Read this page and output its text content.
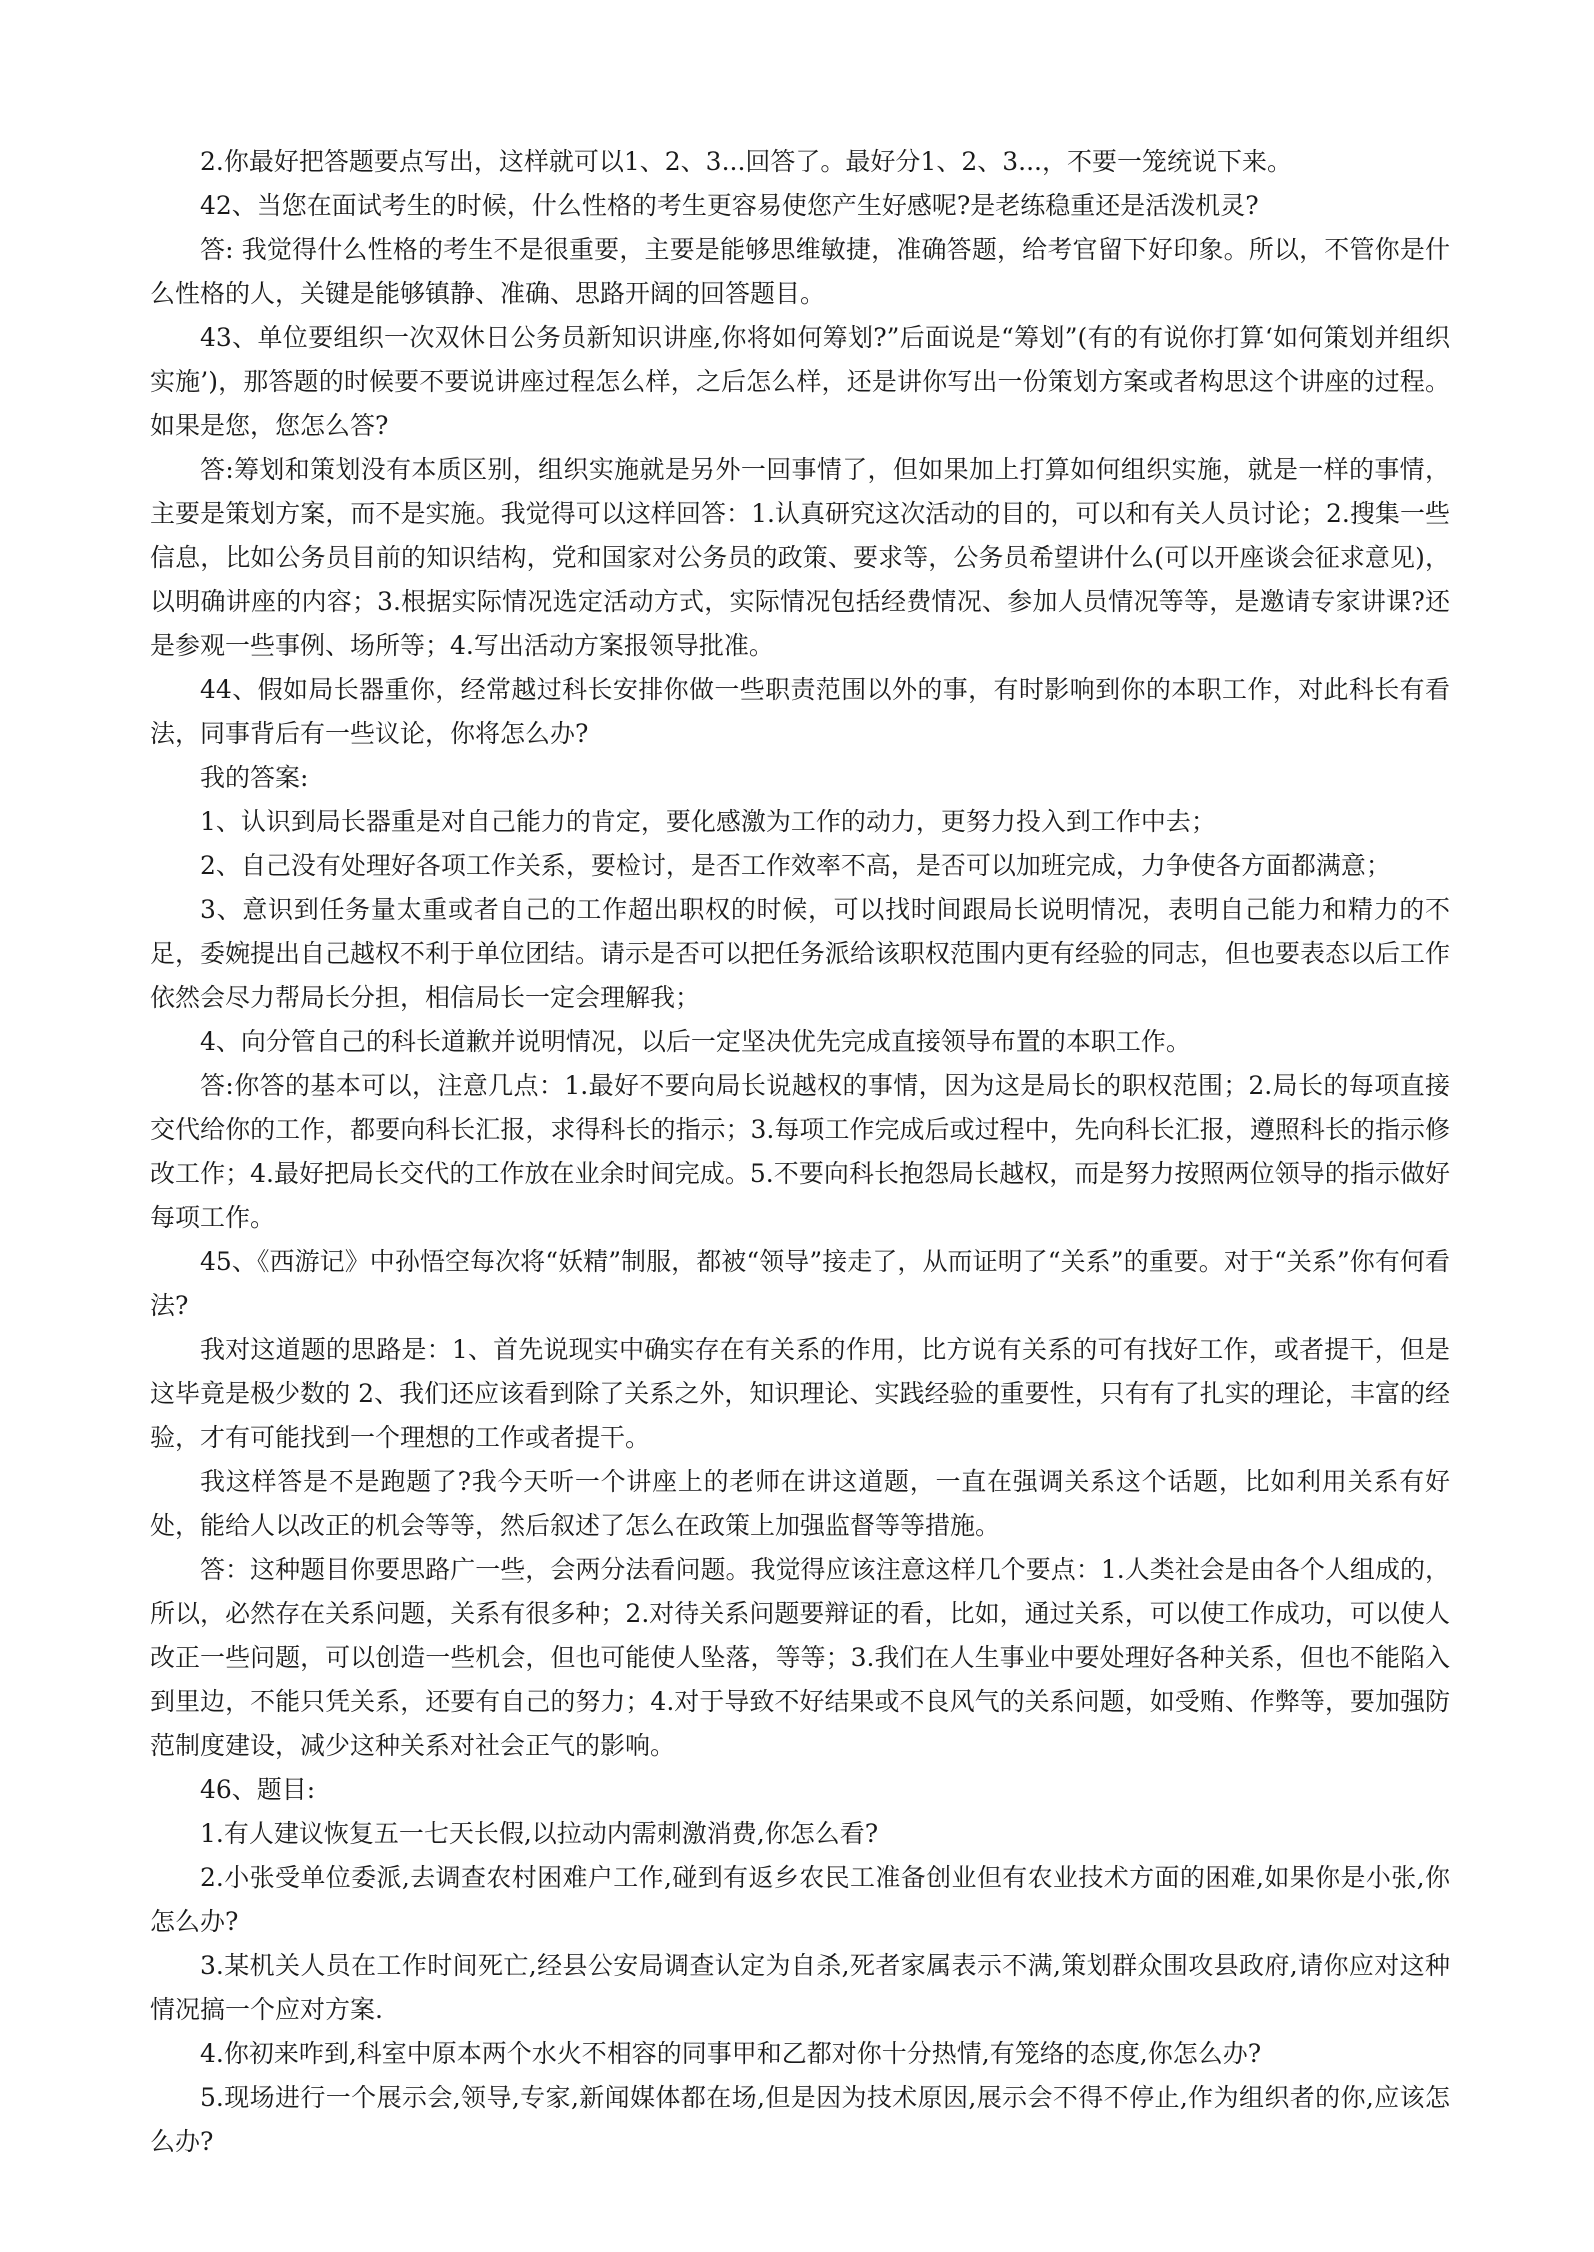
2.你最好把答题要点写出，这样就可以1、2、3...回答了。最好分1、2、3...，不要一笼统说下来。

42、当您在面试考生的时候，什么性格的考生更容易使您产生好感呢?是老练稳重还是活泼机灵?

答: 我觉得什么性格的考生不是很重要，主要是能够思维敏捷，准确答题，给考官留下好印象。所以，不管你是什么性格的人，关键是能够镇静、准确、思路开阔的回答题目。

43、单位要组织一次双休日公务员新知识讲座,你将如何筹划?”后面说是“筹划”(有的有说你打算‘如何策划并组织实施’)，那答题的时候要不要说讲座过程怎么样，之后怎么样，还是讲你写出一份策划方案或者构思这个讲座的过程。如果是您，您怎么答?

答:筹划和策划没有本质区别，组织实施就是另外一回事情了，但如果加上打算如何组织实施，就是一样的事情，主要是策划方案，而不是实施。我觉得可以这样回答：1.认真研究这次活动的目的，可以和有关人员讨论；2.搜集一些信息，比如公务员目前的知识结构，党和国家对公务员的政策、要求等，公务员希望讲什么(可以开座谈会征求意见)，以明确讲座的内容；3.根据实际情况选定活动方式，实际情况包括经费情况、参加人员情况等等，是邀请专家讲课?还是参观一些事例、场所等；4.写出活动方案报领导批准。

44、假如局长器重你，经常越过科长安排你做一些职责范围以外的事，有时影响到你的本职工作，对此科长有看法，同事背后有一些议论，你将怎么办?

我的答案:

1、认识到局长器重是对自己能力的肯定，要化感激为工作的动力，更努力投入到工作中去；

2、自己没有处理好各项工作关系，要检讨，是否工作效率不高，是否可以加班完成，力争使各方面都满意；

3、意识到任务量太重或者自己的工作超出职权的时候，可以找时间跟局长说明情况，表明自己能力和精力的不足，委婉提出自己越权不利于单位团结。请示是否可以把任务派给该职权范围内更有经验的同志，但也要表态以后工作依然会尽力帮局长分担，相信局长一定会理解我；

4、向分管自己的科长道歉并说明情况，以后一定坚决优先完成直接领导布置的本职工作。

答:你答的基本可以，注意几点：1.最好不要向局长说越权的事情，因为这是局长的职权范围；2.局长的每项直接交代给你的工作，都要向科长汇报，求得科长的指示；3.每项工作完成后或过程中，先向科长汇报，遵照科长的指示修改工作；4.最好把局长交代的工作放在业余时间完成。5.不要向科长抱怨局长越权，而是努力按照两位领导的指示做好每项工作。

45、《西游记》中孙悟空每次将“妖精”制服，都被“领导”接走了，从而证明了“关系”的重要。对于“关系”你有何看法?

我对这道题的思路是：1、首先说现实中确实存在有关系的作用，比方说有关系的可有找好工作，或者提干，但是这毕竟是极少数的 2、我们还应该看到除了关系之外，知识理论、实践经验的重要性，只有有了扎实的理论，丰富的经验，才有可能找到一个理想的工作或者提干。

我这样答是不是跑题了?我今天听一个讲座上的老师在讲这道题，一直在强调关系这个话题，比如利用关系有好处，能给人以改正的机会等等，然后叙述了怎么在政策上加强监督等等措施。

答：这种题目你要思路广一些，会两分法看问题。我觉得应该注意这样几个要点：1.人类社会是由各个人组成的，所以，必然存在关系问题，关系有很多种；2.对待关系问题要辩证的看，比如，通过关系，可以使工作成功，可以使人改正一些问题，可以创造一些机会，但也可能使人坠落，等等；3.我们在人生事业中要处理好各种关系，但也不能陷入到里边，不能只凭关系，还要有自己的努力；4.对于导致不好结果或不良风气的关系问题，如受贿、作弊等，要加强防范制度建设，减少这种关系对社会正气的影响。

46、题目:

1.有人建议恢复五一七天长假,以拉动内需刺激消费,你怎么看?

2.小张受单位委派,去调查农村困难户工作,碰到有返乡农民工准备创业但有农业技术方面的困难,如果你是小张,你怎么办?

3.某机关人员在工作时间死亡,经县公安局调查认定为自杀,死者家属表示不满,策划群众围攻县政府,请你应对这种情况搞一个应对方案.

4.你初来咋到,科室中原本两个水火不相容的同事甲和乙都对你十分热情,有笼络的态度,你怎么办?

5.现场进行一个展示会,领导,专家,新闻媒体都在场,但是因为技术原因,展示会不得不停止,作为组织者的你,应该怎么办?
